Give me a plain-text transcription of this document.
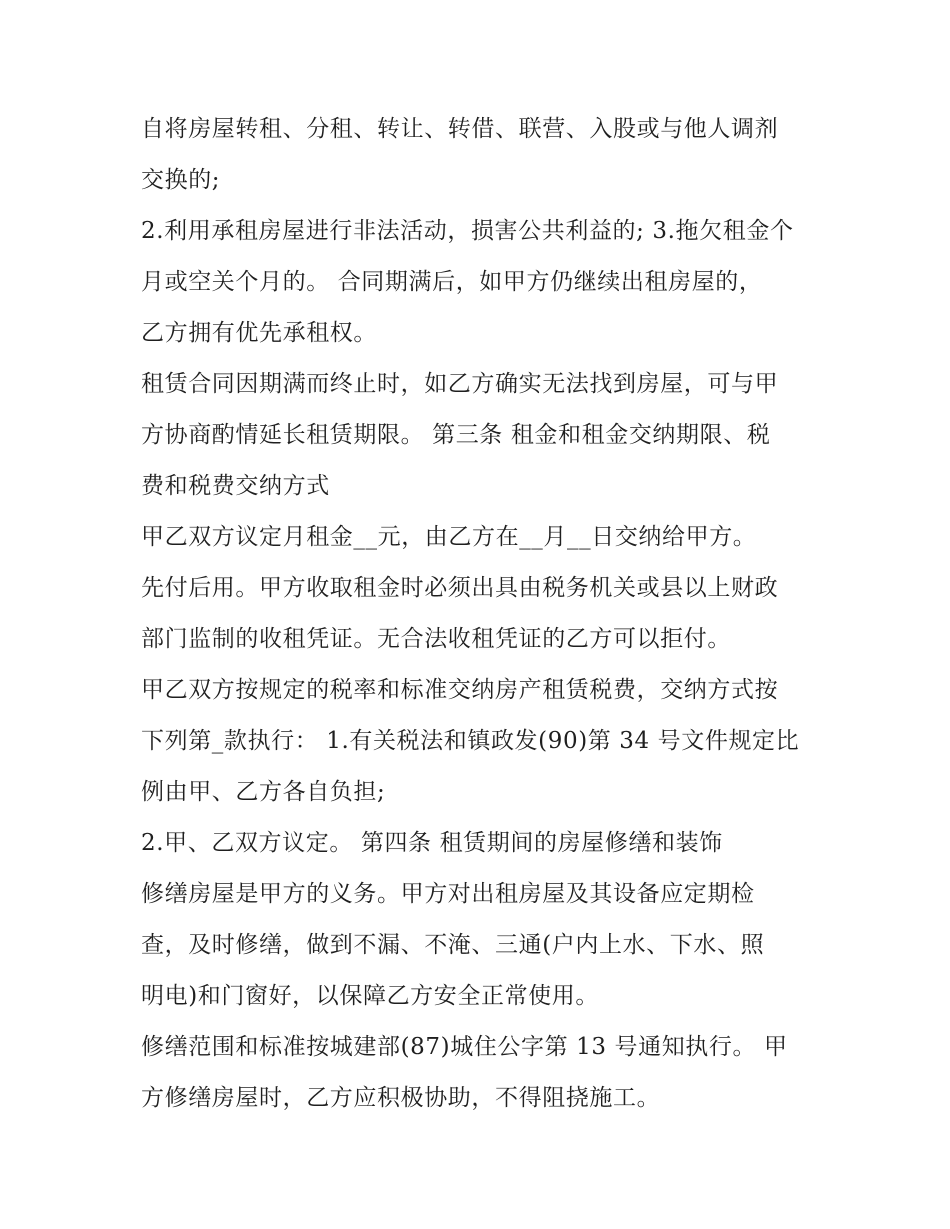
自将房屋转租、分租、转让、转借、联营、入股或与他人调剂
交换的;
2.利用承租房屋进行非法活动，损害公共利益的; 3.拖欠租金个
月或空关个月的。 合同期满后，如甲方仍继续出租房屋的，
乙方拥有优先承租权。
租赁合同因期满而终止时，如乙方确实无法找到房屋，可与甲
方协商酌情延长租赁期限。 第三条 租金和租金交纳期限、税
费和税费交纳方式
甲乙双方议定月租金__元，由乙方在__月__日交纳给甲方。
先付后用。甲方收取租金时必须出具由税务机关或县以上财政
部门监制的收租凭证。无合法收租凭证的乙方可以拒付。
甲乙双方按规定的税率和标准交纳房产租赁税费，交纳方式按
下列第_款执行： 1.有关税法和镇政发(90)第 34 号文件规定比
例由甲、乙方各自负担;
2.甲、乙双方议定。 第四条 租赁期间的房屋修缮和装饰
修缮房屋是甲方的义务。甲方对出租房屋及其设备应定期检
查，及时修缮，做到不漏、不淹、三通(户内上水、下水、照
明电)和门窗好，以保障乙方安全正常使用。
修缮范围和标准按城建部(87)城住公字第 13 号通知执行。 甲
方修缮房屋时，乙方应积极协助，不得阻挠施工。
